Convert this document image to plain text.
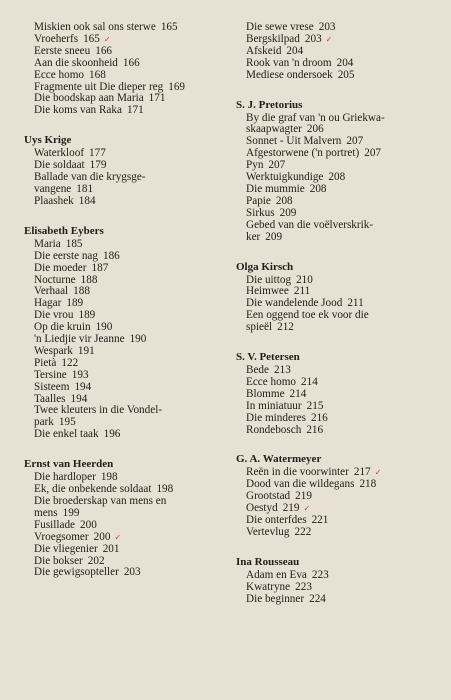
Miskien ook sal ons sterwe 165
Vroeherfs 165 ✓
Eerste sneeu 166
Aan die skoonheid 166
Ecce homo 168
Fragmente uit Die dieper reg 169
Die boodskap aan Maria 171
Die koms van Raka 171
Uys Krige
Waterkloof 177
Die soldaat 179
Ballade van die krygsge-
vangene 181
Plaashek 184
Elisabeth Eybers
Maria 185
Die eerste nag 186
Die moeder 187
Nocturne 188
Verhaal 188
Hagar 189
Die vrou 189
Op die kruin 190
'n Liedjie vir Jeanne 190
Wespark 191
Pietà 122
Tersine 193
Sisteem 194
Taalles 194
Twee kleuters in die Vondel-
park 195
Die enkel taak 196
Ernst van Heerden
Die hardloper 198
Ek, die onbekende soldaat 198
Die broederskap van mens en
mens 199
Fusillade 200
Vroegsomer 200 ✓
Die vliegenier 201
Die bokser 202
Die gewigsopteller 203
Die sewe vrese 203
Bergskilpad 203 ✓
Afskeid 204
Rook van 'n droom 204
Mediese ondersoek 205
S. J. Pretorius
By die graf van 'n ou Griekwa-
skaapwagter 206
Sonnet - Uit Malvern 207
Afgestorwene ('n portret) 207
Pyn 207
Werktuigkundige 208
Die mummie 208
Papie 208
Sirkus 209
Gebed van die voëlverskrik-
ker 209
Olga Kirsch
Die uittog 210
Heimwee 211
Die wandelende Jood 211
Een oggend toe ek voor die
spieël 212
S. V. Petersen
Bede 213
Ecce homo 214
Blomme 214
In miniatuur 215
Die minderes 216
Rondebosch 216
G. A. Watermeyer
Reën in die voorwinter 217 ✓
Dood van die wildegans 218
Grootstad 219
Oestyd 219 ✓
Die onterfdes 221
Vertevlug 222
Ina Rousseau
Adam en Eva 223
Kwatryne 223
Die beginner 224
